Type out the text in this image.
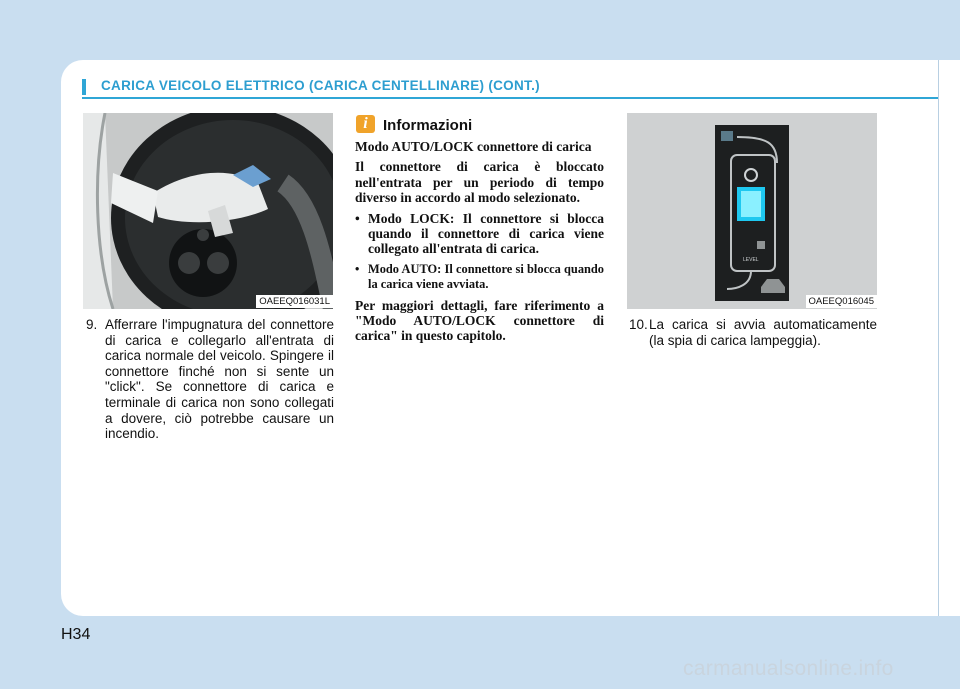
CARICA VEICOLO ELETTRICO (CARICA CENTELLINARE) (CONT.)
OAEEQ016031L
LEVEL
OAEEQ016045
9. Afferrare l'impugnatura del connettore di carica e collegarlo all'entrata di carica normale del veicolo. Spingere il connettore finché non si sente un "click". Se connettore di carica e terminale di carica non sono collegati a dovere, ciò potrebbe causare un incendio.
10. La carica si avvia automaticamente (la spia di carica lampeggia).
i	Informazioni

Modo AUTO/LOCK connettore di carica

Il connettore di carica è bloccato nell'entrata per un periodo di tempo diverso in accordo al modo selezionato.

• Modo LOCK: Il connettore si blocca quando il connettore di carica viene collegato all'entrata di carica.
• Modo AUTO: Il connettore si blocca quando la carica viene avviata.

Per maggiori dettagli, fare riferimento a "Modo AUTO/LOCK connettore di carica" in questo capitolo.

H34
carmanualsonline.info
